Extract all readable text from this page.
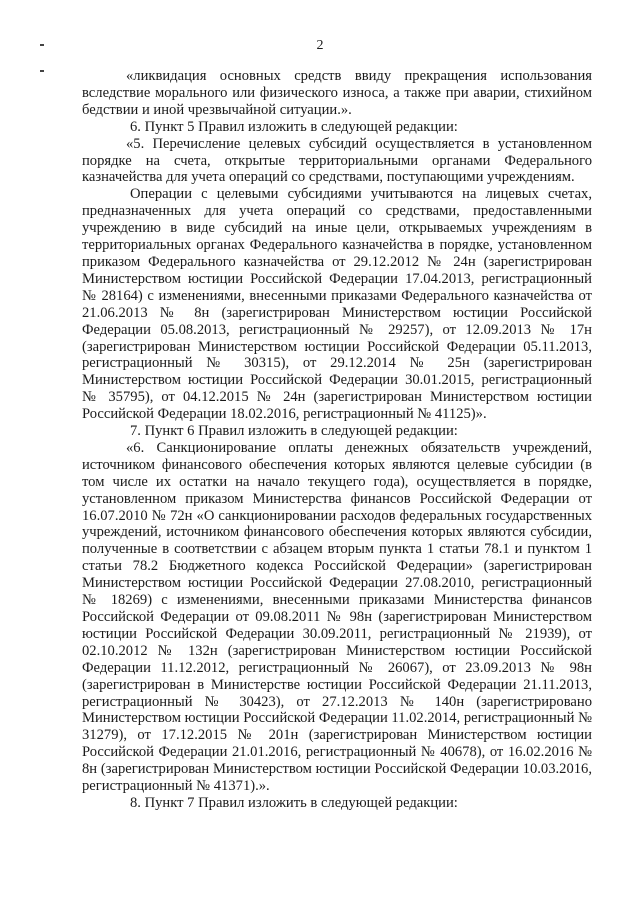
2

«ликвидация основных средств ввиду прекращения использования вследствие морального или физического износа, а также при аварии, стихийном бедствии и иной чрезвычайной ситуации.».

6. Пункт 5 Правил изложить в следующей редакции:

«5. Перечисление целевых субсидий осуществляется в установленном порядке на счета, открытые территориальными органами Федерального казначейства для учета операций со средствами, поступающими учреждениям.

Операции с целевыми субсидиями учитываются на лицевых счетах, предназначенных для учета операций со средствами, предоставленными учреждению в виде субсидий на иные цели, открываемых учреждениям в территориальных органах Федерального казначейства в порядке, установленном приказом Федерального казначейства от 29.12.2012 № 24н (зарегистрирован Министерством юстиции Российской Федерации 17.04.2013, регистрационный № 28164) с изменениями, внесенными приказами Федерального казначейства от 21.06.2013 № 8н (зарегистрирован Министерством юстиции Российской Федерации 05.08.2013, регистрационный № 29257), от 12.09.2013 № 17н (зарегистрирован Министерством юстиции Российской Федерации 05.11.2013, регистрационный № 30315), от 29.12.2014 № 25н (зарегистрирован Министерством юстиции Российской Федерации 30.01.2015, регистрационный № 35795), от 04.12.2015 № 24н (зарегистрирован Министерством юстиции Российской Федерации 18.02.2016, регистрационный № 41125)».

7. Пункт 6 Правил изложить в следующей редакции:

«6. Санкционирование оплаты денежных обязательств учреждений, источником финансового обеспечения которых являются целевые субсидии (в том числе их остатки на начало текущего года), осуществляется в порядке, установленном приказом Министерства финансов Российской Федерации от 16.07.2010 № 72н «О санкционировании расходов федеральных государственных учреждений, источником финансового обеспечения которых являются субсидии, полученные в соответствии с абзацем вторым пункта 1 статьи 78.1 и пунктом 1 статьи 78.2 Бюджетного кодекса Российской Федерации» (зарегистрирован Министерством юстиции Российской Федерации 27.08.2010, регистрационный № 18269) с изменениями, внесенными приказами Министерства финансов Российской Федерации от 09.08.2011 № 98н (зарегистрирован Министерством юстиции Российской Федерации 30.09.2011, регистрационный № 21939), от 02.10.2012 № 132н (зарегистрирован Министерством юстиции Российской Федерации 11.12.2012, регистрационный № 26067), от 23.09.2013 № 98н (зарегистрирован в Министерстве юстиции Российской Федерации 21.11.2013, регистрационный № 30423), от 27.12.2013 № 140н (зарегистрировано Министерством юстиции Российской Федерации 11.02.2014, регистрационный № 31279), от 17.12.2015 № 201н (зарегистрирован Министерством юстиции Российской Федерации 21.01.2016, регистрационный № 40678), от 16.02.2016 № 8н (зарегистрирован Министерством юстиции Российской Федерации 10.03.2016, регистрационный № 41371).».

8. Пункт 7 Правил изложить в следующей редакции:
